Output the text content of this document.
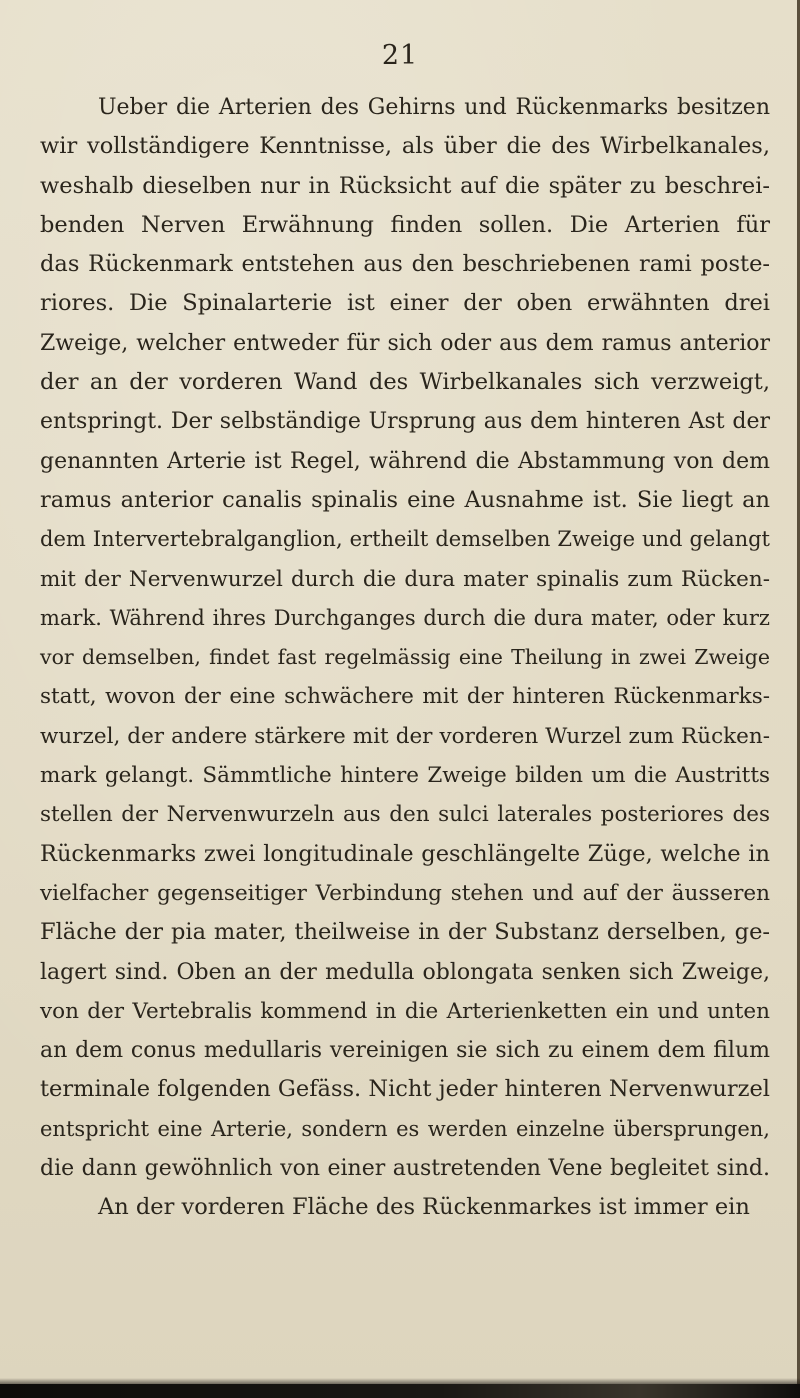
21
Ueber die Arterien des Gehirns und Rückenmarks besitzen
wir vollständigere Kenntnisse, als über die des Wirbelkanales,
weshalb dieselben nur in Rücksicht auf die später zu beschrei-
benden Nerven Erwähnung finden sollen. Die Arterien für
das Rückenmark entstehen aus den beschriebenen rami poste-
riores. Die Spinalarterie ist einer der oben erwähnten drei
Zweige, welcher entweder für sich oder aus dem ramus anterior
der an der vorderen Wand des Wirbelkanales sich verzweigt,
entspringt. Der selbständige Ursprung aus dem hinteren Ast der
genannten Arterie ist Regel, während die Abstammung von dem
ramus anterior canalis spinalis eine Ausnahme ist. Sie liegt an
dem Intervertebralganglion, ertheilt demselben Zweige und gelangt
mit der Nervenwurzel durch die dura mater spinalis zum Rücken-
mark. Während ihres Durchganges durch die dura mater, oder kurz
vor demselben, findet fast regelmässig eine Theilung in zwei Zweige
statt, wovon der eine schwächere mit der hinteren Rückenmarks-
wurzel, der andere stärkere mit der vorderen Wurzel zum Rücken-
mark gelangt. Sämmtliche hintere Zweige bilden um die Austritts
stellen der Nervenwurzeln aus den sulci laterales posteriores des
Rückenmarks zwei longitudinale geschlängelte Züge, welche in
vielfacher gegenseitiger Verbindung stehen und auf der äusseren
Fläche der pia mater, theilweise in der Substanz derselben, ge-
lagert sind. Oben an der medulla oblongata senken sich Zweige,
von der Vertebralis kommend in die Arterienketten ein und unten
an dem conus medullaris vereinigen sie sich zu einem dem filum
terminale folgenden Gefäss. Nicht jeder hinteren Nervenwurzel
entspricht eine Arterie, sondern es werden einzelne übersprungen,
die dann gewöhnlich von einer austretenden Vene begleitet sind.
An der vorderen Fläche des Rückenmarkes ist immer ein
